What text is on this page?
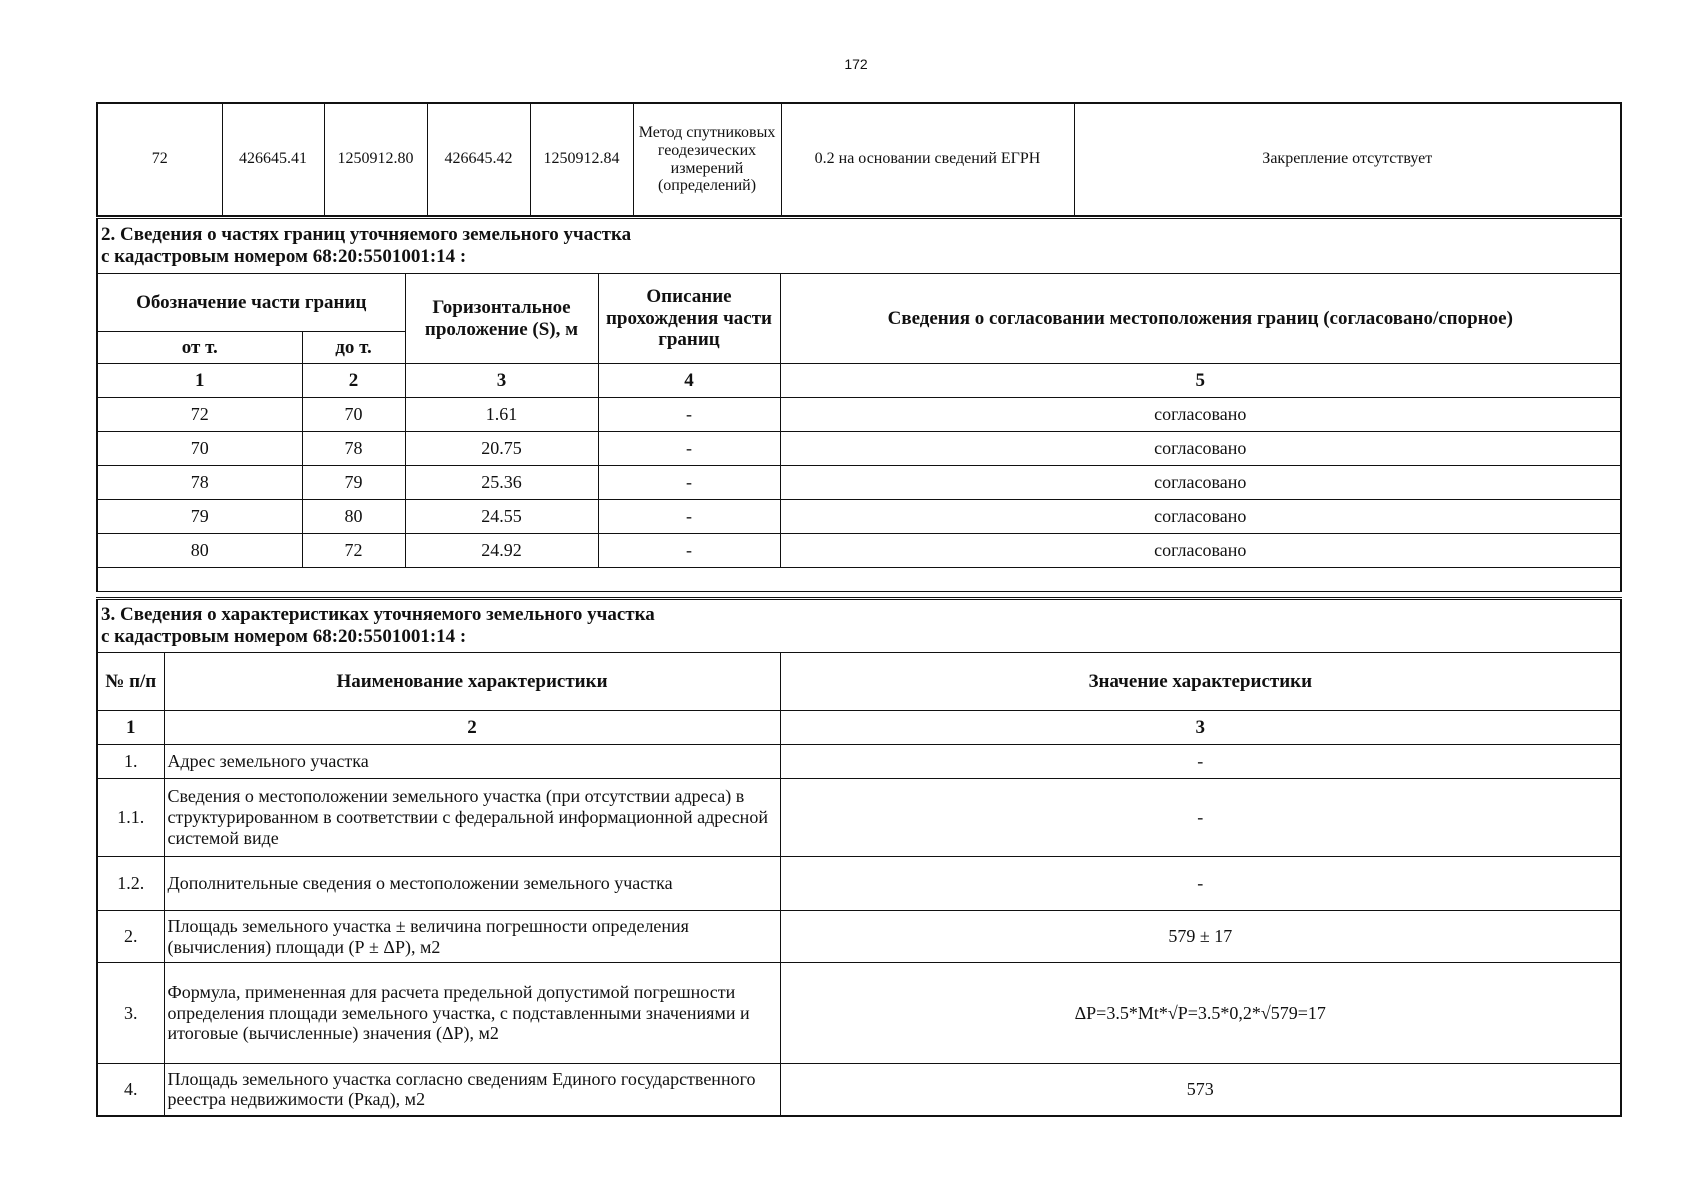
172
72	426645.41	1250912.80	426645.42	1250912.84	Метод спутниковых геодезических измерений (определений)	0.2 на основании сведений ЕГРН	Закрепление отсутствует
2. Сведения о частях границ уточняемого земельного участка
с кадастровым номером 68:20:5501001:14 :				

Обозначение части границ		Горизонтальное проложение (S), м	Описание прохождения части границ	Сведения о согласовании местоположения границ (согласовано/спорное)
от т.	до т.			
1	2	3	4	5
72	70	1.61	-	согласовано
70	78	20.75	-	согласовано
78	79	25.36	-	согласовано
79	80	24.55	-	согласовано
80	72	24.92	-	согласовано

3. Сведения о характеристиках уточняемого земельного участка
с кадастровым номером 68:20:5501001:14 :		

№ п/п	Наименование характеристики	Значение характеристики
1	2	3
1.	Адрес земельного участка	-
1.1.	Сведения о местоположении земельного участка (при отсутствии адреса) в структурированном в соответствии с федеральной информационной адресной системой виде	-
1.2.	Дополнительные сведения о местоположении земельного участка	-
2.	Площадь земельного участка ± величина погрешности определения (вычисления) площади (Р ± ΔР), м2	579 ± 17
3.	Формула, примененная для расчета предельной допустимой погрешности определения площади земельного участка, с подставленными значениями и итоговые (вычисленные) значения (ΔР), м2	ΔР=3.5*Mt*√Р=3.5*0,2*√579=17
4.	Площадь земельного участка согласно сведениям Единого государственного реестра недвижимости (Ркад), м2	573
